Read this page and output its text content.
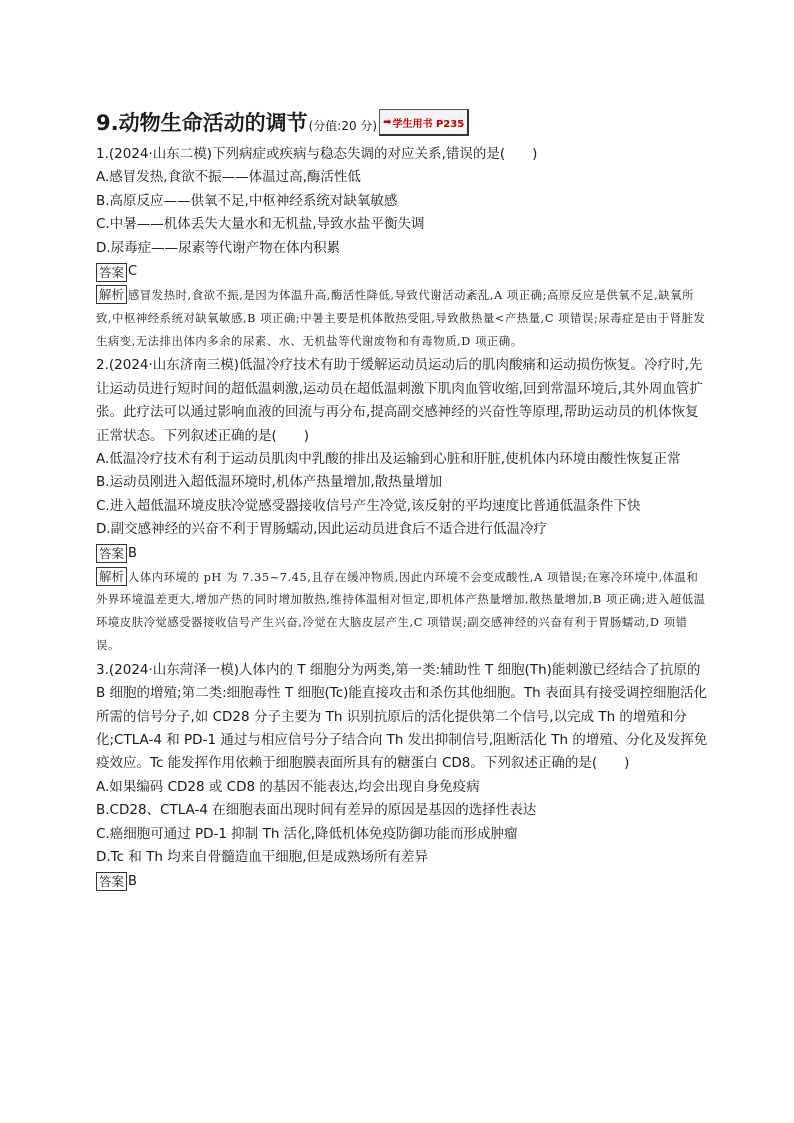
9.动物生命活动的调节 (分值:20 分) ➡ 学生用书 P235

1.(2024·山东二模)下列病症或疾病与稳态失调的对应关系,错误的是(　　)

A.感冒发热,食欲不振——体温过高,酶活性低

B.高原反应——供氧不足,中枢神经系统对缺氧敏感

C.中暑——机体丢失大量水和无机盐,导致水盐平衡失调

D.尿毒症——尿素等代谢产物在体内积累

答案 C

解析 感冒发热时,食欲不振,是因为体温升高,酶活性降低,导致代谢活动紊乱,A 项正确;高原反应是供氧不足,缺氧所致,中枢神经系统对缺氧敏感,B 项正确;中暑主要是机体散热受阻,导致散热量<产热量,C 项错误;尿毒症是由于肾脏发生病变,无法排出体内多余的尿素、水、无机盐等代谢废物和有毒物质,D 项正确。

2.(2024·山东济南三模)低温冷疗技术有助于缓解运动员运动后的肌肉酸痛和运动损伤恢复。冷疗时,先让运动员进行短时间的超低温刺激,运动员在超低温刺激下肌肉血管收缩,回到常温环境后,其外周血管扩张。此疗法可以通过影响血液的回流与再分布,提高副交感神经的兴奋性等原理,帮助运动员的机体恢复正常状态。下列叙述正确的是(　　)

A.低温冷疗技术有利于运动员肌肉中乳酸的排出及运输到心脏和肝脏,使机体内环境由酸性恢复正常

B.运动员刚进入超低温环境时,机体产热量增加,散热量增加

C.进入超低温环境皮肤冷觉感受器接收信号产生冷觉,该反射的平均速度比普通低温条件下快

D.副交感神经的兴奋不利于胃肠蠕动,因此运动员进食后不适合进行低温冷疗

答案 B

解析 人体内环境的 pH 为 7.35~7.45,且存在缓冲物质,因此内环境不会变成酸性,A 项错误;在寒冷环境中,体温和外界环境温差更大,增加产热的同时增加散热,维持体温相对恒定,即机体产热量增加,散热量增加,B 项正确;进入超低温环境皮肤冷觉感受器接收信号产生兴奋,冷觉在大脑皮层产生,C 项错误;副交感神经的兴奋有利于胃肠蠕动,D 项错误。

3.(2024·山东菏泽一模)人体内的 T 细胞分为两类,第一类:辅助性 T 细胞(Th)能刺激已经结合了抗原的 B 细胞的增殖;第二类:细胞毒性 T 细胞(Tc)能直接攻击和杀伤其他细胞。Th 表面具有接受调控细胞活化所需的信号分子,如 CD28 分子主要为 Th 识别抗原后的活化提供第二个信号,以完成 Th 的增殖和分化;CTLA-4 和 PD-1 通过与相应信号分子结合向 Th 发出抑制信号,阻断活化 Th 的增殖、分化及发挥免疫效应。Tc 能发挥作用依赖于细胞膜表面所具有的糖蛋白 CD8。下列叙述正确的是(　　)

A.如果编码 CD28 或 CD8 的基因不能表达,均会出现自身免疫病

B.CD28、CTLA-4 在细胞表面出现时间有差异的原因是基因的选择性表达

C.癌细胞可通过 PD-1 抑制 Th 活化,降低机体免疫防御功能而形成肿瘤

D.Tc 和 Th 均来自骨髓造血干细胞,但是成熟场所有差异

答案 B
